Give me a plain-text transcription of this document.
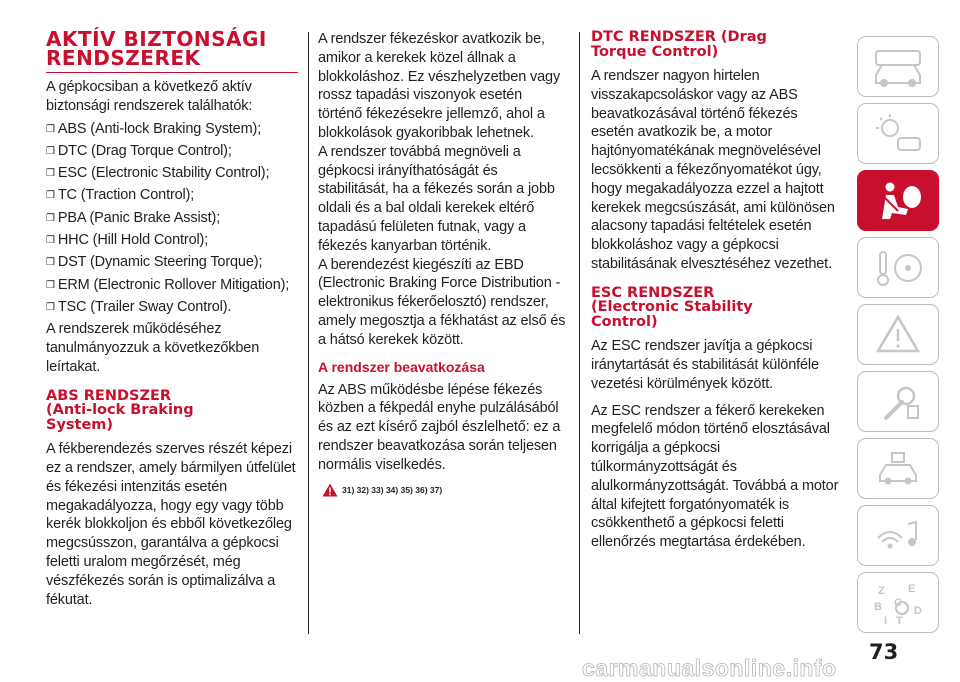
AKTÍV BIZTONSÁGI
RENDSZEREK

A gépkocsiban a következő aktív biztonsági rendszerek találhatók:

❒ ABS (Anti-lock Braking System);
❒ DTC (Drag Torque Control);
❒ ESC (Electronic Stability Control);
❒ TC (Traction Control);
❒ PBA (Panic Brake Assist);
❒ HHC (Hill Hold Control);
❒ DST (Dynamic Steering Torque);
❒ ERM (Electronic Rollover Mitigation);
❒ TSC (Trailer Sway Control).

A rendszerek működéséhez tanulmányozzuk a következőkben leírtakat.

ABS RENDSZER
(Anti-lock Braking
System)

A fékberendezés szerves részét képezi ez a rendszer, amely bármilyen útfelület és fékezési intenzitás esetén megakadályozza, hogy egy vagy több kerék blokkoljon és ebből következőleg megcsússzon, garantálva a gépkocsi feletti uralom megőrzését, még vészfékezés során is optimalizálva a fékutat.

A rendszer fékezéskor avatkozik be, amikor a kerekek közel állnak a blokkoláshoz. Ez vészhelyzetben vagy rossz tapadási viszonyok esetén történő fékezésekre jellemző, ahol a blokkolások gyakoribbak lehetnek.

A rendszer továbbá megnöveli a gépkocsi irányíthatóságát és stabilitását, ha a fékezés során a jobb oldali és a bal oldali kerekek eltérő tapadású felületen futnak, vagy a fékezés kanyarban történik.

A berendezést kiegészíti az EBD (Electronic Braking Force Distribution - elektronikus fékerőelosztó) rendszer, amely megosztja a fékhatást az első és a hátsó kerekek között.

A rendszer beavatkozása

Az ABS működésbe lépése fékezés közben a fékpedál enyhe pulzálásából és az ezt kísérő zajból észlelhető: ez a rendszer beavatkozása során teljesen normális viselkedés.

31) 32) 33) 34) 35) 36) 37)
DTC RENDSZER (Drag
Torque Control)

A rendszer nagyon hirtelen visszakapcsoláskor vagy az ABS beavatkozásával történő fékezés esetén avatkozik be, a motor hajtónyomatékának megnövelésével lecsökkenti a fékezőnyomatékot úgy, hogy megakadályozza ezzel a hajtott kerekek megcsúszását, ami különösen alacsony tapadási feltételek esetén blokkoláshoz vagy a gépkocsi stabilitásának elvesztéséhez vezethet.

ESC RENDSZER
(Electronic Stability
Control)

Az ESC rendszer javítja a gépkocsi iránytartását és stabilitását különféle vezetési körülmények között.

Az ESC rendszer a fékerő kerekeken megfelelő módon történő elosztásával korrigálja a gépkocsi túlkormányzottságát és alulkormányzottságát. Továbbá a motor által kifejtett forgatónyomaték is csökkenthető a gépkocsi feletti ellenőrzés megtartása érdekében.

Z E
B C
D
I T
73
carmanualsonline.info
